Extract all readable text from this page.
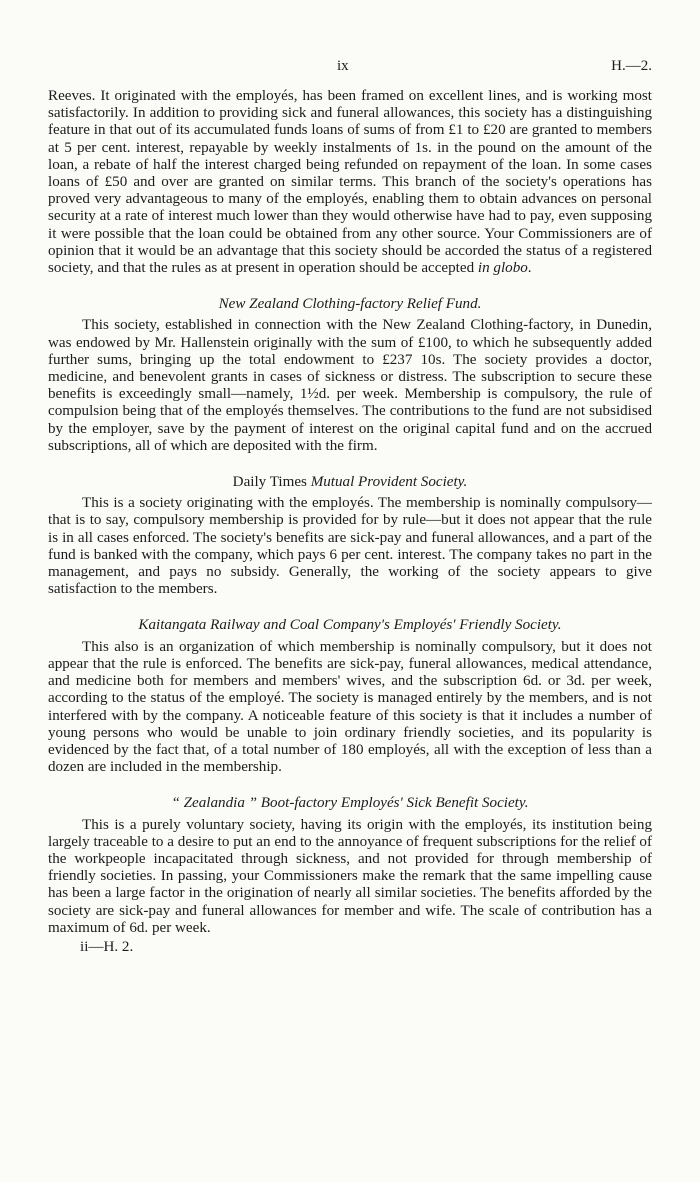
ix	H.—2.

Reeves. It originated with the employés, has been framed on excellent lines, and is working most satisfactorily. In addition to providing sick and funeral allowances, this society has a distinguishing feature in that out of its accumulated funds loans of sums of from £1 to £20 are granted to members at 5 per cent. interest, repayable by weekly instalments of 1s. in the pound on the amount of the loan, a rebate of half the interest charged being refunded on repayment of the loan. In some cases loans of £50 and over are granted on similar terms. This branch of the society's operations has proved very advantageous to many of the employés, enabling them to obtain advances on personal security at a rate of interest much lower than they would otherwise have had to pay, even supposing it were possible that the loan could be obtained from any other source. Your Commissioners are of opinion that it would be an advantage that this society should be accorded the status of a registered society, and that the rules as at present in operation should be accepted in globo.

New Zealand Clothing-factory Relief Fund.

This society, established in connection with the New Zealand Clothing-factory, in Dunedin, was endowed by Mr. Hallenstein originally with the sum of £100, to which he subsequently added further sums, bringing up the total endowment to £237 10s. The society provides a doctor, medicine, and benevolent grants in cases of sickness or distress. The subscription to secure these benefits is exceedingly small—namely, 1½d. per week. Membership is compulsory, the rule of compulsion being that of the employés themselves. The contributions to the fund are not subsidised by the employer, save by the payment of interest on the original capital fund and on the accrued subscriptions, all of which are deposited with the firm.

Daily Times Mutual Provident Society.

This is a society originating with the employés. The membership is nominally compulsory—that is to say, compulsory membership is provided for by rule—but it does not appear that the rule is in all cases enforced. The society's benefits are sick-pay and funeral allowances, and a part of the fund is banked with the company, which pays 6 per cent. interest. The company takes no part in the management, and pays no subsidy. Generally, the working of the society appears to give satisfaction to the members.

Kaitangata Railway and Coal Company's Employés' Friendly Society.

This also is an organization of which membership is nominally compulsory, but it does not appear that the rule is enforced. The benefits are sick-pay, funeral allowances, medical attendance, and medicine both for members and members' wives, and the subscription 6d. or 3d. per week, according to the status of the employé. The society is managed entirely by the members, and is not interfered with by the company. A noticeable feature of this society is that it includes a number of young persons who would be unable to join ordinary friendly societies, and its popularity is evidenced by the fact that, of a total number of 180 employés, all with the exception of less than a dozen are included in the membership.

“ Zealandia ” Boot-factory Employés' Sick Benefit Society.

This is a purely voluntary society, having its origin with the employés, its institution being largely traceable to a desire to put an end to the annoyance of frequent subscriptions for the relief of the workpeople incapacitated through sickness, and not provided for through membership of friendly societies. In passing, your Commissioners make the remark that the same impelling cause has been a large factor in the origination of nearly all similar societies. The benefits afforded by the society are sick-pay and funeral allowances for member and wife. The scale of contribution has a maximum of 6d. per week.

ii—H. 2.
